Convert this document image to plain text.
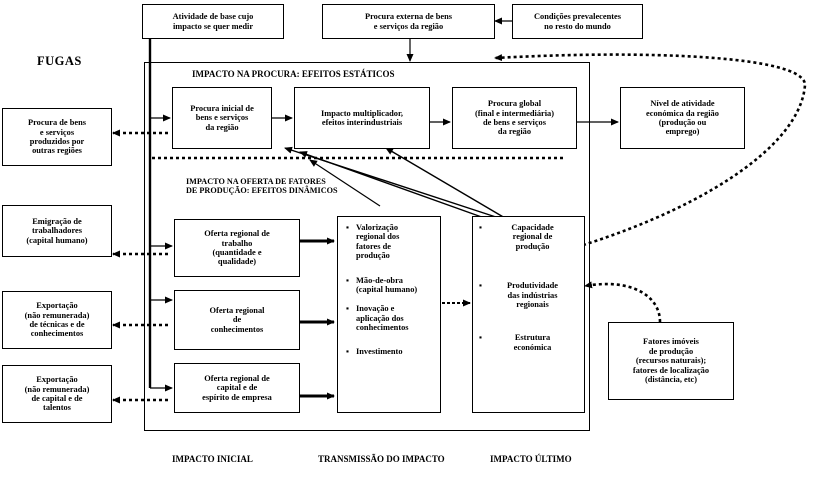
Atividade de base cujo
impacto se quer medir
Procura externa de bens
e serviços da região
Condições prevalecentes
no resto do mundo
FUGAS
IMPACTO NA PROCURA: EFEITOS ESTÁTICOS
Procura inicial de
bens e serviços
da região
Impacto multiplicador,
efeitos interindustriais
Procura global
(final e intermediária)
de bens e serviços
da região
Nível de atividade
económica da região
(produção ou
emprego)
IMPACTO NA OFERTA DE FATORES
DE PRODUÇÃO: EFEITOS DINÂMICOS
Oferta regional de
trabalho
(quantidade e
qualidade)
Oferta regional
de
conhecimentos
Oferta regional de
capital e de
espírito de empresa
▪ Valorização
regional dos
fatores de
produção
▪ Mão-de-obra
(capital humano)
▪ Inovação e
aplicação dos
conhecimentos
▪ Investimento
▪	Capacidade
regional de
produção
▪	Produtividade
das indústrias
regionais
▪	Estrutura
económica
Procura de bens
e serviços
produzidos por
outras regiões
Emigração de
trabalhadores
(capital humano)
Exportação
(não remunerada)
de técnicas e de
conhecimentos
Exportação
(não remunerada)
de capital e de
talentos
Fatores imóveis
de produção
(recursos naturais);
fatores de localização
(distância, etc)
IMPACTO INICIAL	TRANSMISSÃO DO IMPACTO	IMPACTO ÚLTIMO
